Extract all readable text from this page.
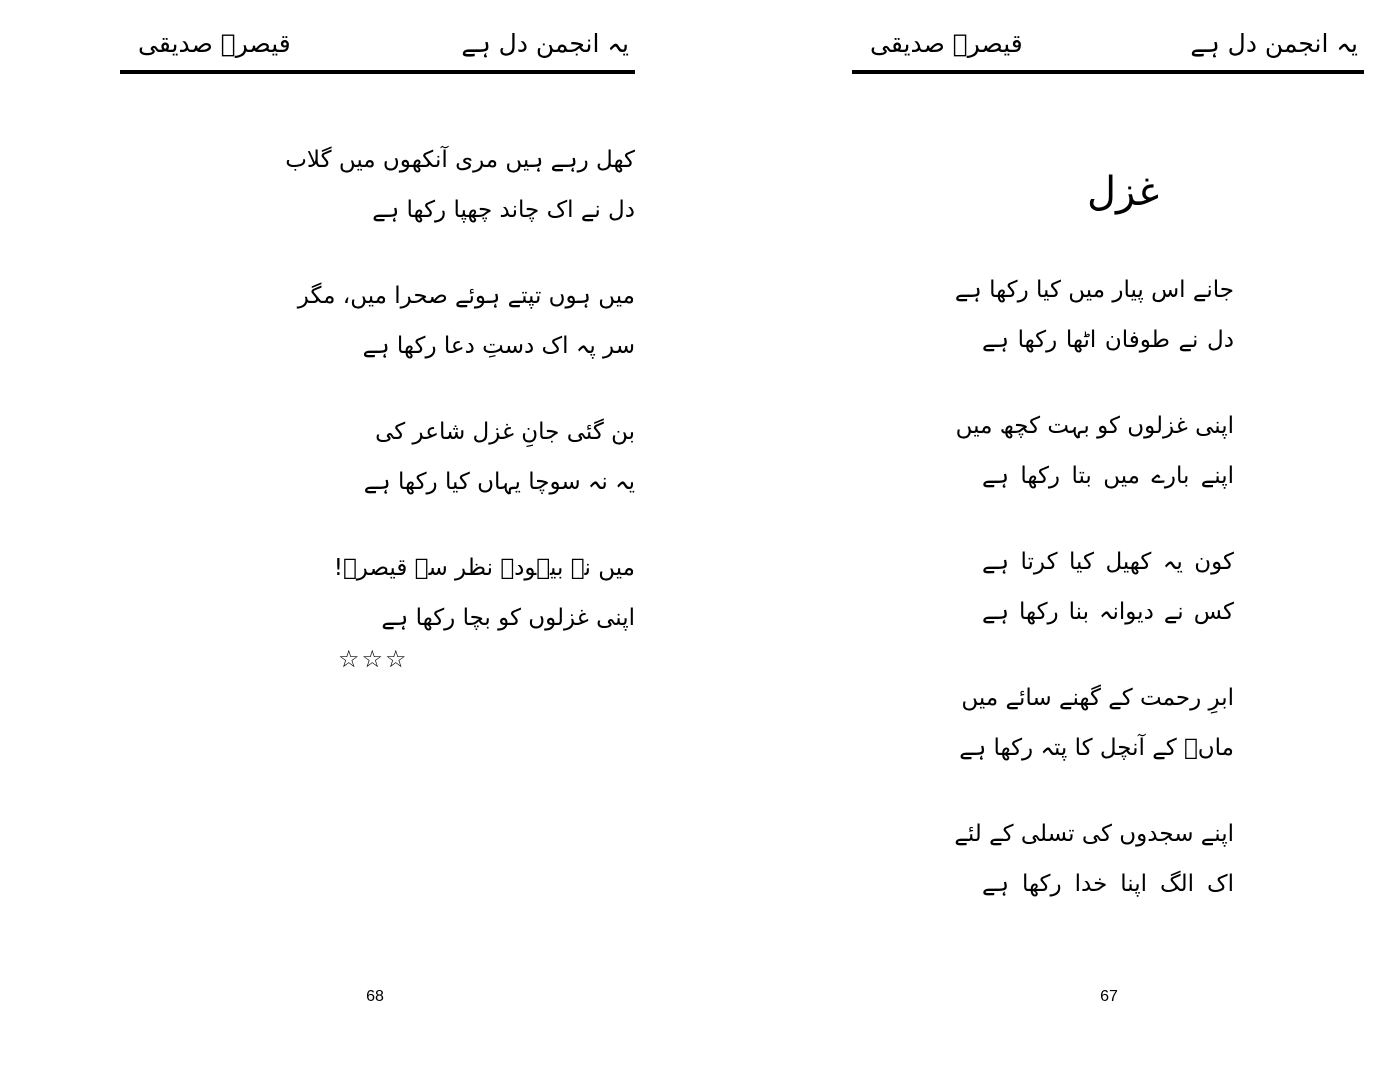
قیصرؔ صدیقی	یہ انجمن دل ہے
کھل رہے ہیں مری آنکھوں میں گلاب
دل نے اک چاند چھپا رکھا ہے
میں ہوں تپتے ہوئے صحرا میں، مگر
سر پہ اک دستِ دعا رکھا ہے
بن گئی جانِ غزل شاعر کی
یہ نہ سوچا یہاں کیا رکھا ہے
میں نے بیہودہ نظر سے قیصرؔ!
اپنی غزلوں کو بچا رکھا ہے
☆☆☆
68
قیصرؔ صدیقی	یہ انجمن دل ہے
غزل
جانے اس پیار میں کیا رکھا ہے
دل نے طوفان اٹھا رکھا ہے
اپنی غزلوں کو بہت کچھ میں
اپنے بارے میں بتا رکھا ہے
کون یہ کھیل کیا کرتا ہے
کس نے دیوانہ بنا رکھا ہے
ابرِ رحمت کے گھنے سائے میں
ماںؔ کے آنچل کا پتہ رکھا ہے
اپنے سجدوں کی تسلی کے لئے
اک الگ اپنا خدا رکھا ہے
67
